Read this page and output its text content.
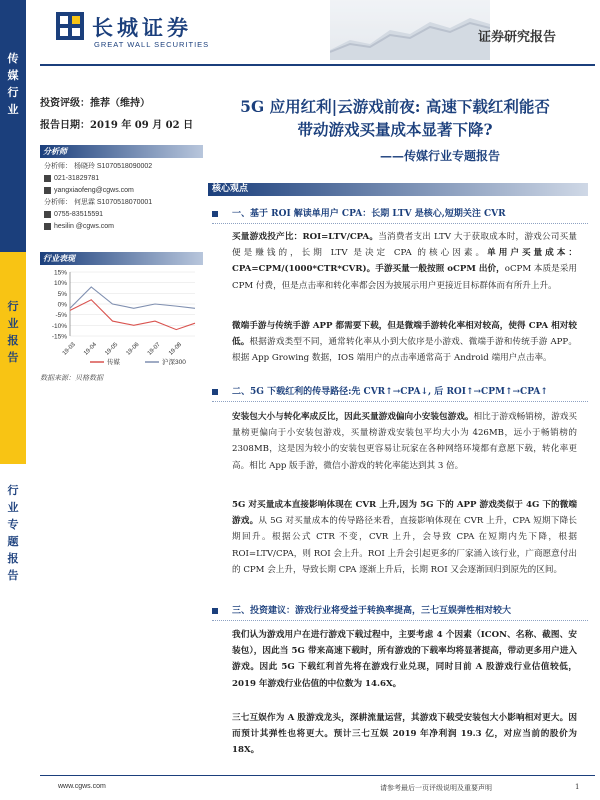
传
媒
行
业
行
业
报
告
行
业
专
题
报
告
长城证券
GREAT WALL SECURITIES	证券研究报告
投资评级：推荐（维持）
报告日期：2019 年 09 月 02 日
分析师
分析师： 杨晓玲 S1070518090002
021-31829781
yangxiaofeng@cgws.com
分析师： 何思霖 S1070518070001
0755-83515591
hesilin @cgws.com
行业表现
15%
10%
5%
0%
-5%
-10%
-15%
19-03 19-04 19-05 19-06 19-07 19-08
传媒	沪深300
数据来源：贝格数据
5G 应用红利|云游戏前夜: 高速下载红利能否
带动游戏买量成本显著下降?
——传媒行业专题报告
核心观点
一、基于 ROI 解读单用户 CPA：长期 LTV 是核心,短期关注 CVR
买量游戏投产比：ROI=LTV/CPA。当消费者支出 LTV 大于获取成本时，游戏公司买量便是赚钱的，长期 LTV 是决定 CPA 的核心因素。单用户买量成本：CPA=CPM/(1000*CTR*CVR)。手游买量一般按照 oCPM 出价，oCPM 本质是采用 CPM 付费，但是点击率和转化率都会因为披展示用户更接近目标群体而有所升上升。
微端手游与传统手游 APP 都需要下载，但是微端手游转化率相对较高，使得 CPA 相对较低。根据游戏类型不同，通常转化率从小到大依序是小游戏、微端手游和传统手游 APP。根据 App Growing 数据，IOS 端用户的点击率通常高于 Android 端用户点击率。
二、5G 下载红利的传导路径:先 CVR↑→CPA↓, 后 ROI↑→CPM↑→CPA↑
安装包大小与转化率成反比，因此买量游戏偏向小安装包游戏。相比于游戏畅销榜，游戏买量榜更偏向于小安装包游戏，买量榜游戏安装包平均大小为 426MB，远小于畅销榜的 2308MB，这是因为较小的安装包更容易让玩家在各种网络环境都有意愿下载，转化率更高。相比 App 版手游，微信小游戏的转化率能达到其 3 倍。
5G 对买量成本直接影响体现在 CVR 上升,因为 5G 下的 APP 游戏类似于 4G 下的微端游戏。从 5G 对买量成本的传导路径来看，直接影响体现在 CVR 上升，CPA 短期下降长期回升。根据公式 CTR 不变，CVR 上升，会导致 CPA 在短期内先下降，根据 ROI=LTV/CPA，则 ROI 会上升。ROI 上升会引起更多的厂家涌入该行业，广商愿意付出的 CPM 会上升，导致长期 CPA 逐渐上升后，长期 ROI 又会逐渐回归到原先的区间。
三、投资建议：游戏行业将受益于转换率提高，三七互娱弹性相对较大
我们认为游戏用户在进行游戏下载过程中，主要考虑 4 个因素（ICON、名称、截图、安装包），因此当 5G 带来高速下载时，所有游戏的下载率均将显著提高，带动更多用户进入游戏。因此 5G 下载红利首先将在游戏行业兑现，同时目前 A 股游戏行业估值较低，2019 年游戏行业估值的中位数为 14.6X。
三七互娱作为 A 股游戏龙头，深耕流量运营，其游戏下载受安装包大小影响相对更大。因而预计其弹性也将更大。预计三七互娱 2019 年净利润 19.3 亿，对应当前的股价为 18X。
www.cgws.com	请参考最后一页评级说明及重要声明	1
